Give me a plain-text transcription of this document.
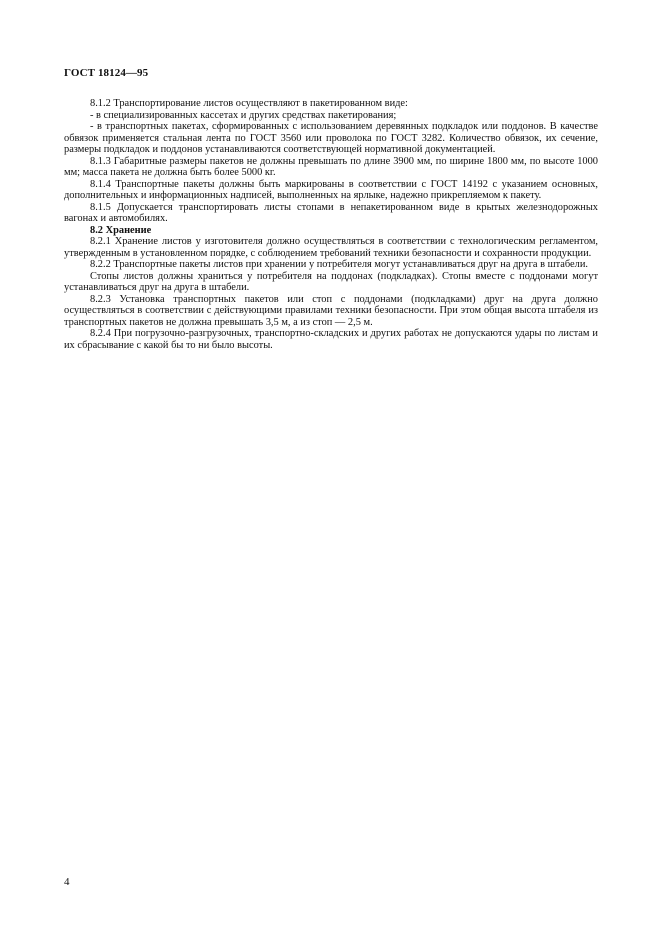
ГОСТ 18124—95

8.1.2 Транспортирование листов осуществляют в пакетированном виде:

- в специализированных кассетах и других средствах пакетирования;

- в транспортных пакетах, сформированных с использованием деревянных подкладок или поддонов. В качестве обвязок применяется стальная лента по ГОСТ 3560 или проволока по ГОСТ 3282. Количество обвязок, их сечение, размеры подкладок и поддонов устанавливаются соответствующей нормативной документацией.

8.1.3 Габаритные размеры пакетов не должны превышать по длине 3900 мм, по ширине 1800 мм, по высоте 1000 мм; масса пакета не должна быть более 5000 кг.

8.1.4 Транспортные пакеты должны быть маркированы в соответствии с ГОСТ 14192 с указанием основных, дополнительных и информационных надписей, выполненных на ярлыке, надежно прикрепляемом к пакету.

8.1.5 Допускается транспортировать листы стопами в непакетированном виде в крытых железнодорожных вагонах и автомобилях.

8.2 Хранение

8.2.1 Хранение листов у изготовителя должно осуществляться в соответствии с технологическим регламентом, утвержденным в установленном порядке, с соблюдением требований техники безопасности и сохранности продукции.

8.2.2 Транспортные пакеты листов при хранении у потребителя могут устанавливаться друг на друга в штабели.

Стопы листов должны храниться у потребителя на поддонах (подкладках). Стопы вместе с поддонами могут устанавливаться друг на друга в штабели.

8.2.3 Установка транспортных пакетов или стоп с поддонами (подкладками) друг на друга должно осуществляться в соответствии с действующими правилами техники безопасности. При этом общая высота штабеля из транспортных пакетов не должна превышать 3,5 м, а из стоп — 2,5 м.

8.2.4 При погрузочно-разгрузочных, транспортно-складских и других работах не допускаются удары по листам и их сбрасывание с какой бы то ни было высоты.

4
